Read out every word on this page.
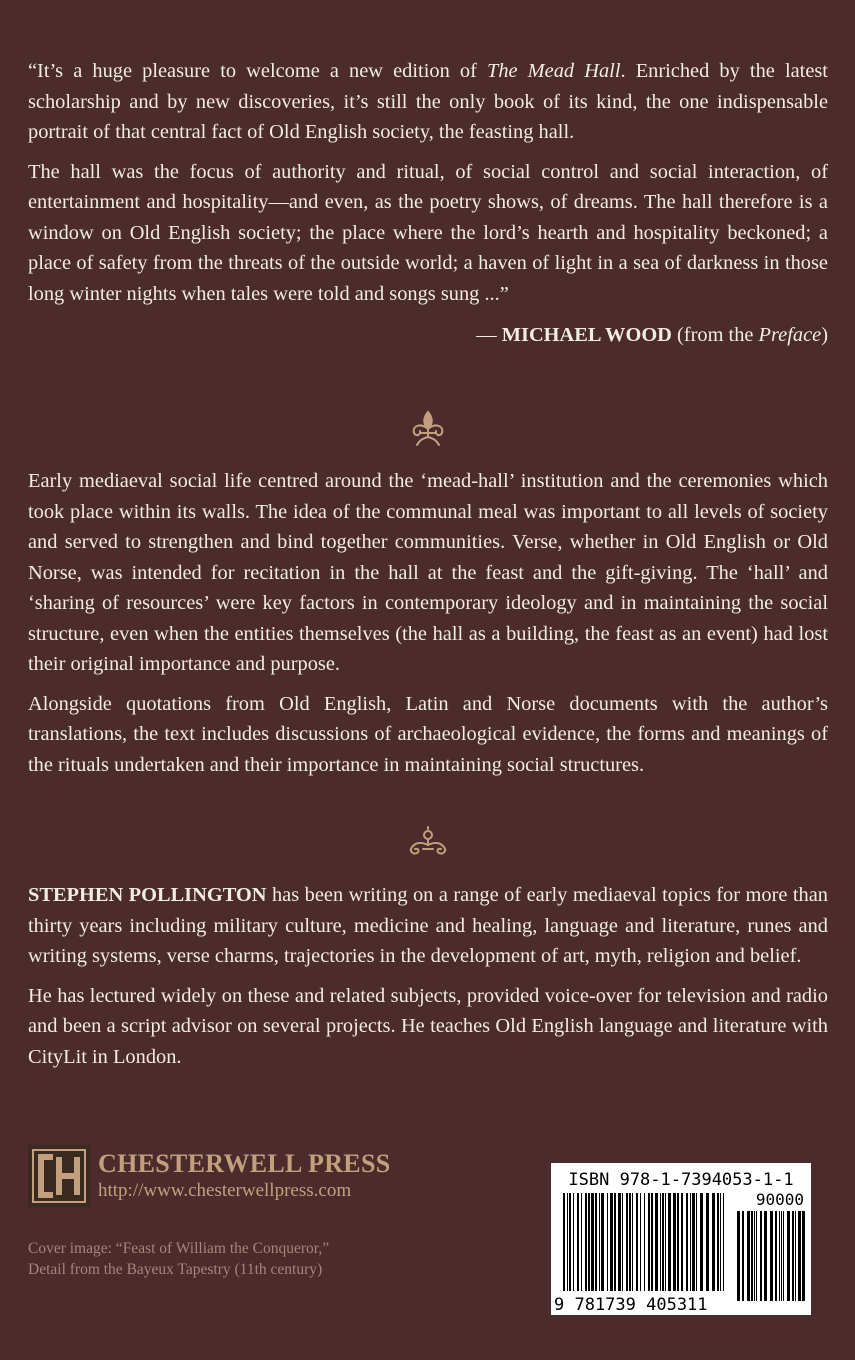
“It’s a huge pleasure to welcome a new edition of The Mead Hall. Enriched by the latest scholarship and by new discoveries, it’s still the only book of its kind, the one indispensable portrait of that central fact of Old English society, the feasting hall.

The hall was the focus of authority and ritual, of social control and social interaction, of entertainment and hospitality—and even, as the poetry shows, of dreams. The hall therefore is a window on Old English society; the place where the lord’s hearth and hospitality beckoned; a place of safety from the threats of the outside world; a haven of light in a sea of darkness in those long winter nights when tales were told and songs sung ...”

— MICHAEL WOOD (from the Preface)

Early mediaeval social life centred around the ‘mead-hall’ institution and the ceremonies which took place within its walls. The idea of the communal meal was important to all levels of society and served to strengthen and bind together communities. Verse, whether in Old English or Old Norse, was intended for recitation in the hall at the feast and the gift-giving. The ‘hall’ and ‘sharing of resources’ were key factors in contemporary ideology and in maintaining the social structure, even when the entities themselves (the hall as a building, the feast as an event) had lost their original importance and purpose.

Alongside quotations from Old English, Latin and Norse documents with the author’s translations, the text includes discussions of archaeological evidence, the forms and meanings of the rituals undertaken and their importance in maintaining social structures.

STEPHEN POLLINGTON has been writing on a range of early mediaeval topics for more than thirty years including military culture, medicine and healing, language and literature, runes and writing systems, verse charms, trajectories in the development of art, myth, religion and belief.

He has lectured widely on these and related subjects, provided voice-over for television and radio and been a script advisor on several projects. He teaches Old English language and literature with CityLit in London.

CHESTERWELL PRESS
http://www.chesterwellpress.com
Cover image: “Feast of William the Conqueror,”
Detail from the Bayeux Tapestry (11th century)
ISBN 978-1-7394053-1-1
90000
9 781739 405311
